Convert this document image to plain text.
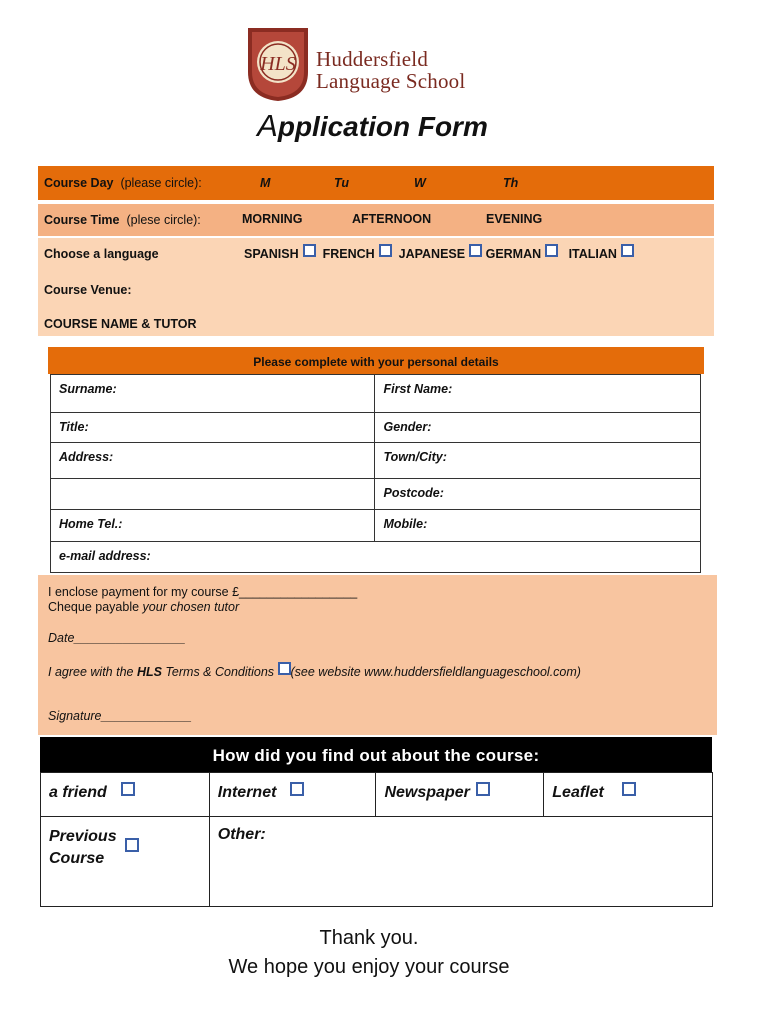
HLS Huddersfield
Language School
Application Form
Course Day (please circle):	M	Tu	W	Th
Course Time (plese circle):	MORNING	AFTERNOON	EVENING
Choose a language	SPANISH FRENCH JAPANESE GERMAN ITALIAN
Course Venue:
COURSE NAME & TUTOR
Please complete with your personal details
Surname:	First Name:
Title:	Gender:
Address:	Town/City:
	Postcode:
Home Tel.:	Mobile:
e-mail address:	
I enclose payment for my course £_________________
Cheque payable your chosen tutor
Date________________
I agree with the HLS Terms & Conditions (see website www.huddersfieldlanguageschool.com)
Signature_____________
How did you find out about the course:
a friend	Internet	Newspaper	Leaflet

Previous
Course	Other:		
Thank you.
We hope you enjoy your course
